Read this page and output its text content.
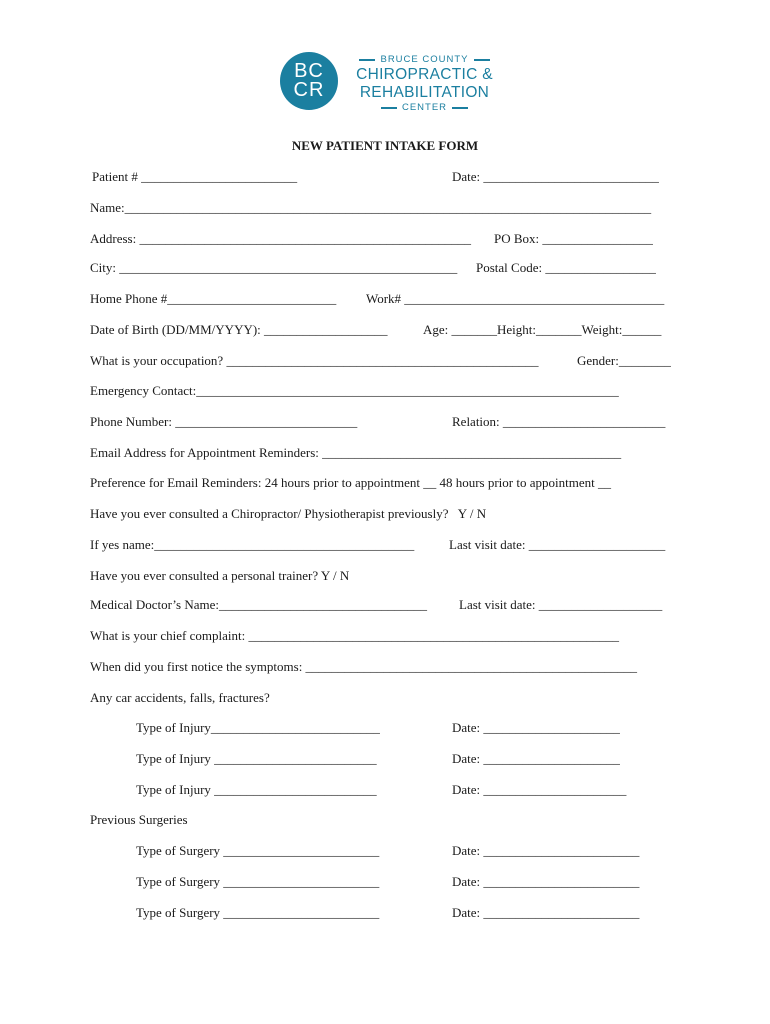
BC
CR
BRUCE COUNTY
CHIROPRACTIC &
REHABILITATION
CENTER
NEW PATIENT INTAKE FORM
Patient # ________________________	Date: ___________________________
Name:_________________________________________________________________________________
Address: ___________________________________________________ PO Box: _________________
City: ____________________________________________________ Postal Code: _________________
Home Phone #__________________________ Work# ________________________________________
Date of Birth (DD/MM/YYYY): ___________________	Age: _______Height:_______Weight:______
What is your occupation? ________________________________________________	Gender:________
Emergency Contact:_________________________________________________________________
Phone Number: ____________________________	Relation: _________________________
Email Address for Appointment Reminders: ______________________________________________
Preference for Email Reminders: 24 hours prior to appointment __ 48 hours prior to appointment __
Have you ever consulted a Chiropractor/ Physiotherapist previously?   Y / N
If yes name:________________________________________	Last visit date: _____________________
Have you ever consulted a personal trainer? Y / N
Medical Doctor’s Name:________________________________ Last visit date: ___________________
What is your chief complaint: _________________________________________________________
When did you first notice the symptoms: ___________________________________________________
Any car accidents, falls, fractures?
Type of Injury__________________________	Date: _____________________
Type of Injury _________________________	Date: _____________________
Type of Injury _________________________	Date: ______________________
Previous Surgeries
Type of Surgery ________________________	Date: ________________________
Type of Surgery ________________________	Date: ________________________
Type of Surgery ________________________	Date: ________________________
